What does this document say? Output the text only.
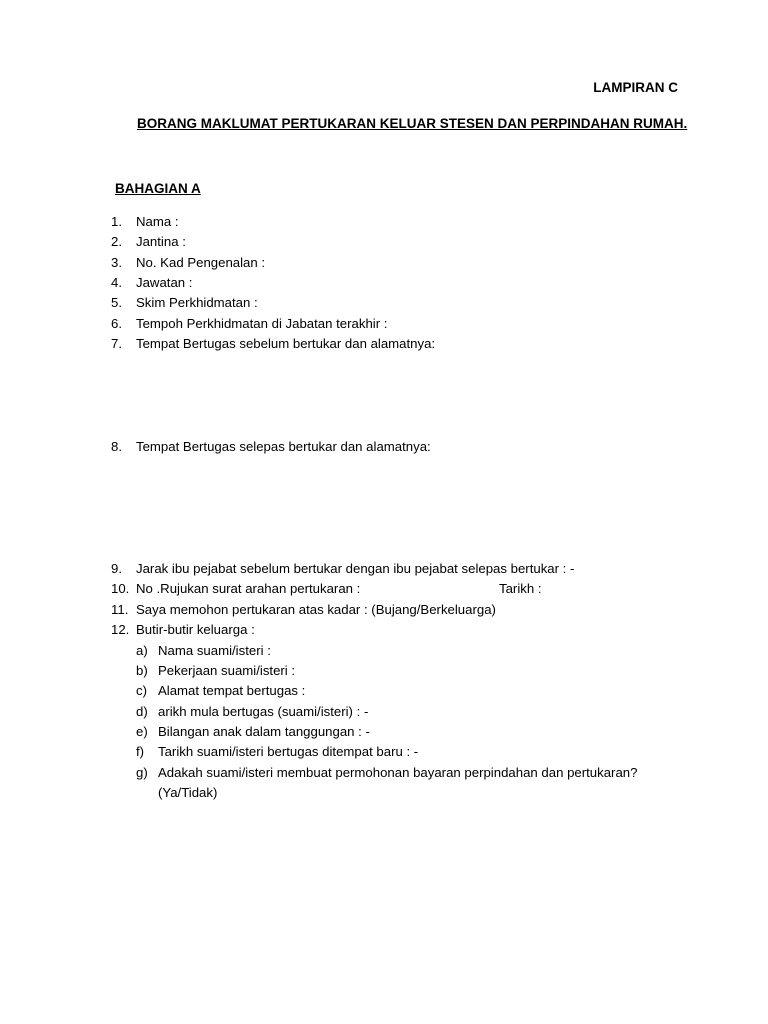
LAMPIRAN C
BORANG MAKLUMAT PERTUKARAN KELUAR STESEN DAN PERPINDAHAN RUMAH.
BAHAGIAN A
1.	Nama :
2.	Jantina :
3.	No. Kad Pengenalan :
4.	Jawatan :
5.	Skim Perkhidmatan :
6.	Tempoh Perkhidmatan di Jabatan terakhir :
7.	Tempat Bertugas sebelum bertukar dan alamatnya:
8.	Tempat Bertugas selepas bertukar dan alamatnya:
9.	Jarak ibu pejabat sebelum bertukar dengan ibu pejabat selepas bertukar : -
10. No .Rujukan surat arahan pertukaran :	Tarikh :
11. Saya memohon pertukaran atas kadar : (Bujang/Berkeluarga)
12. Butir-butir keluarga :
a) Nama suami/isteri :
b) Pekerjaan suami/isteri :
c) Alamat tempat bertugas :
d) arikh mula bertugas (suami/isteri) : -
e) Bilangan anak dalam tanggungan : -
f)	Tarikh suami/isteri bertugas ditempat baru : -
g) Adakah suami/isteri membuat permohonan bayaran perpindahan dan pertukaran?
(Ya/Tidak)
